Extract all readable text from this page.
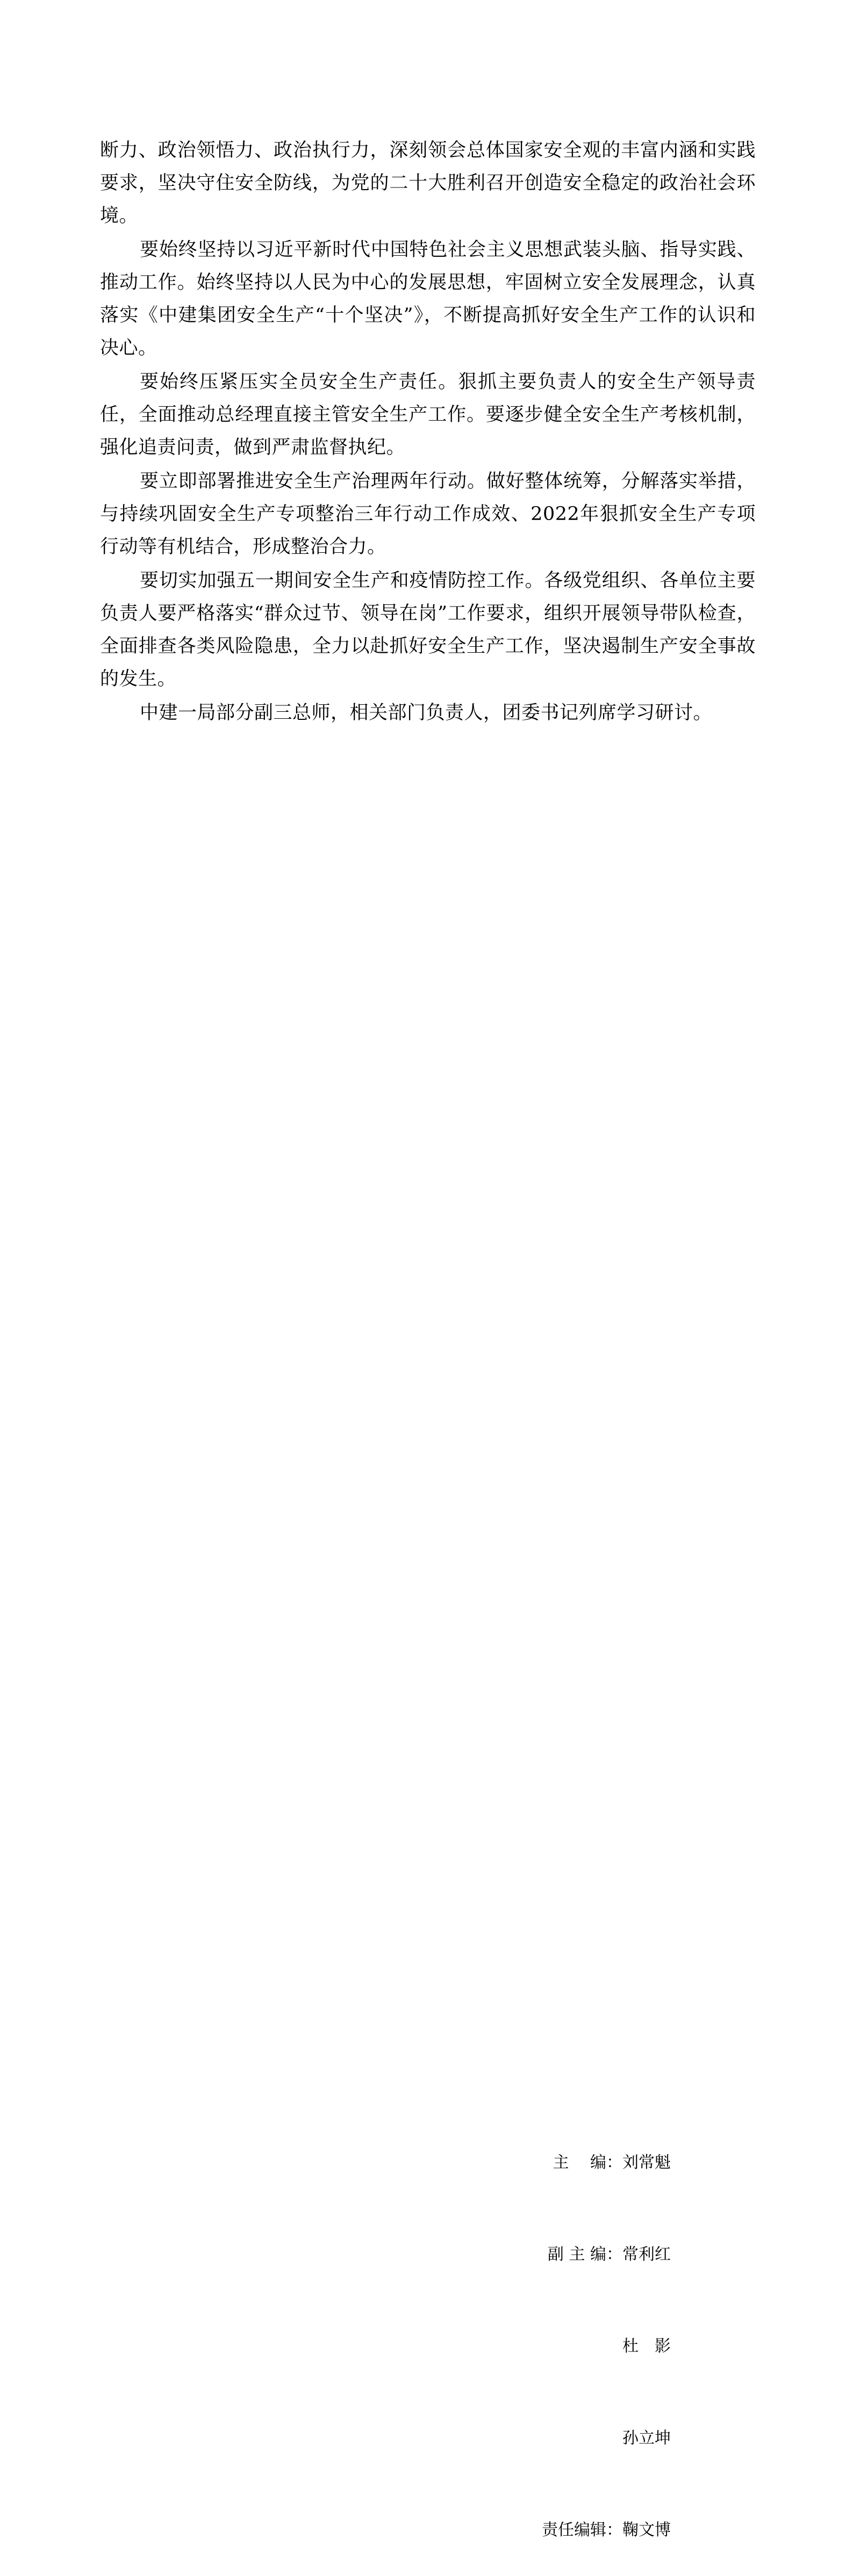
断力、政治领悟力、政治执行力，深刻领会总体国家安全观的丰富内涵和实践要求，坚决守住安全防线，为党的二十大胜利召开创造安全稳定的政治社会环境。

要始终坚持以习近平新时代中国特色社会主义思想武装头脑、指导实践、推动工作。始终坚持以人民为中心的发展思想，牢固树立安全发展理念，认真落实《中建集团安全生产“十个坚决”》，不断提高抓好安全生产工作的认识和决心。

要始终压紧压实全员安全生产责任。狠抓主要负责人的安全生产领导责任，全面推动总经理直接主管安全生产工作。要逐步健全安全生产考核机制，强化追责问责，做到严肃监督执纪。

要立即部署推进安全生产治理两年行动。做好整体统筹，分解落实举措，与持续巩固安全生产专项整治三年行动工作成效、2022年狠抓安全生产专项行动等有机结合，形成整治合力。

要切实加强五一期间安全生产和疫情防控工作。各级党组织、各单位主要负责人要严格落实“群众过节、领导在岗”工作要求，组织开展领导带队检查，全面排查各类风险隐患，全力以赴抓好安全生产工作，坚决遏制生产安全事故的发生。

中建一局部分副三总师，相关部门负责人，团委书记列席学习研讨。

主　 编：刘常魁

副 主 编：常利红

杜　影

孙立坤

责任编辑：鞠文博
